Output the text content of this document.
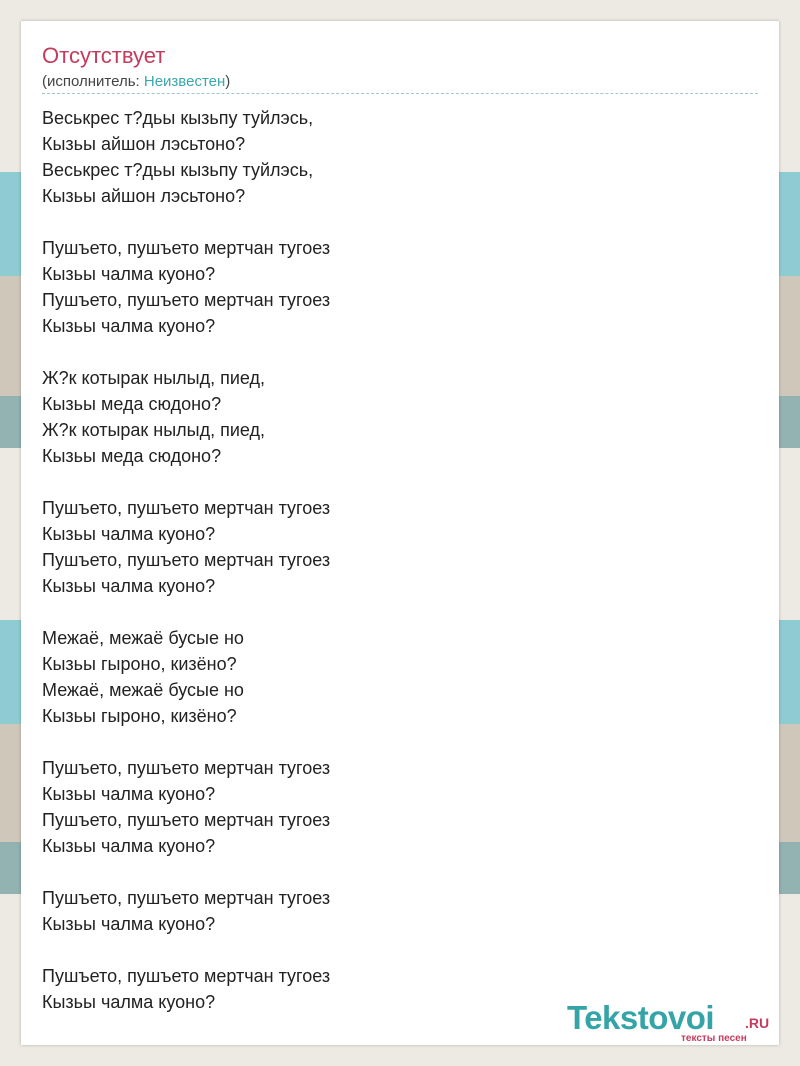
Отсутствует
(исполнитель: Неизвестен)
Веськрес т?дьы кызьпу туйлэсь,
Кызьы айшон лэсьтоно?
Веськрес т?дьы кызьпу туйлэсь,
Кызьы айшон лэсьтоно?
Пушъето, пушъето мертчан тугоез
Кызьы чалма куоно?
Пушъето, пушъето мертчан тугоез
Кызьы чалма куоно?
Ж?к котырак нылыд, пиед,
Кызьы меда сюдоно?
Ж?к котырак нылыд, пиед,
Кызьы меда сюдоно?
Пушъето, пушъето мертчан тугоез
Кызьы чалма куоно?
Пушъето, пушъето мертчан тугоез
Кызьы чалма куоно?
Межаё, межаё бусые но
Кызьы гыроно, кизёно?
Межаё, межаё бусые но
Кызьы гыроно, кизёно?
Пушъето, пушъето мертчан тугоез
Кызьы чалма куоно?
Пушъето, пушъето мертчан тугоез
Кызьы чалма куоно?
Пушъето, пушъето мертчан тугоез
Кызьы чалма куоно?
Пушъето, пушъето мертчан тугоез
Кызьы чалма куоно?	Tekstovoi .RU
тексты песен
